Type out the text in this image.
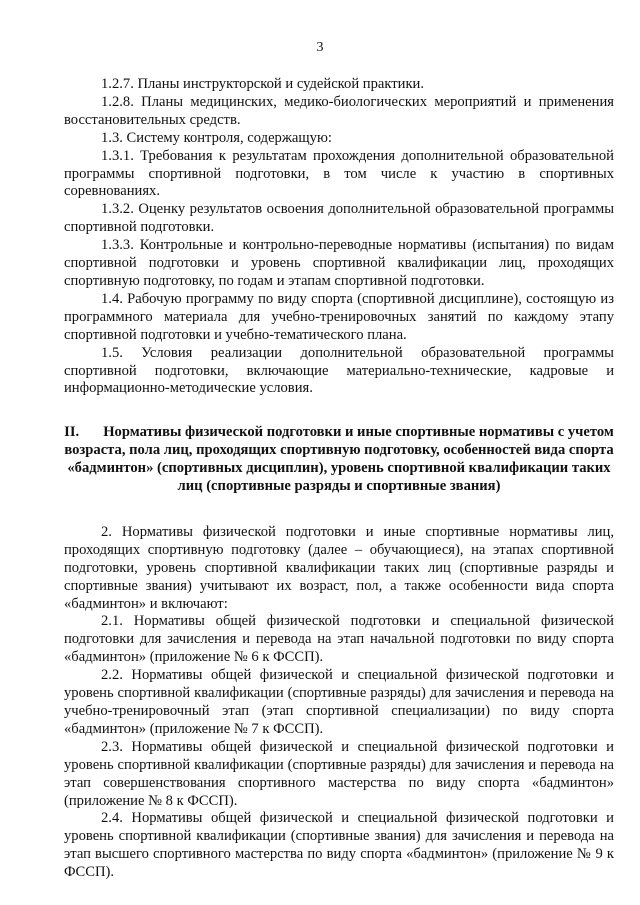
3

1.2.7. Планы инструкторской и судейской практики.

1.2.8. Планы медицинских, медико-биологических мероприятий и применения восстановительных средств.

1.3. Систему контроля, содержащую:

1.3.1. Требования к результатам прохождения дополнительной образовательной программы спортивной подготовки, в том числе к участию в спортивных соревнованиях.

1.3.2. Оценку результатов освоения дополнительной образовательной программы спортивной подготовки.

1.3.3. Контрольные и контрольно-переводные нормативы (испытания) по видам спортивной подготовки и уровень спортивной квалификации лиц, проходящих спортивную подготовку, по годам и этапам спортивной подготовки.

1.4. Рабочую программу по виду спорта (спортивной дисциплине), состоящую из программного материала для учебно-тренировочных занятий по каждому этапу спортивной подготовки и учебно-тематического плана.

1.5. Условия реализации дополнительной образовательной программы спортивной подготовки, включающие материально-технические, кадровые и информационно-методические условия.

II. Нормативы физической подготовки и иные спортивные нормативы с учетом возраста, пола лиц, проходящих спортивную подготовку, особенностей вида спорта «бадминтон» (спортивных дисциплин), уровень спортивной квалификации таких лиц (спортивные разряды и спортивные звания)

2. Нормативы физической подготовки и иные спортивные нормативы лиц, проходящих спортивную подготовку (далее – обучающиеся), на этапах спортивной подготовки, уровень спортивной квалификации таких лиц (спортивные разряды и спортивные звания) учитывают их возраст, пол, а также особенности вида спорта «бадминтон» и включают:

2.1. Нормативы общей физической подготовки и специальной физической подготовки для зачисления и перевода на этап начальной подготовки по виду спорта «бадминтон» (приложение № 6 к ФССП).

2.2. Нормативы общей физической и специальной физической подготовки и уровень спортивной квалификации (спортивные разряды) для зачисления и перевода на учебно-тренировочный этап (этап спортивной специализации) по виду спорта «бадминтон» (приложение № 7 к ФССП).

2.3. Нормативы общей физической и специальной физической подготовки и уровень спортивной квалификации (спортивные разряды) для зачисления и перевода на этап совершенствования спортивного мастерства по виду спорта «бадминтон» (приложение № 8 к ФССП).

2.4. Нормативы общей физической и специальной физической подготовки и уровень спортивной квалификации (спортивные звания) для зачисления и перевода на этап высшего спортивного мастерства по виду спорта «бадминтон» (приложение № 9 к ФССП).
